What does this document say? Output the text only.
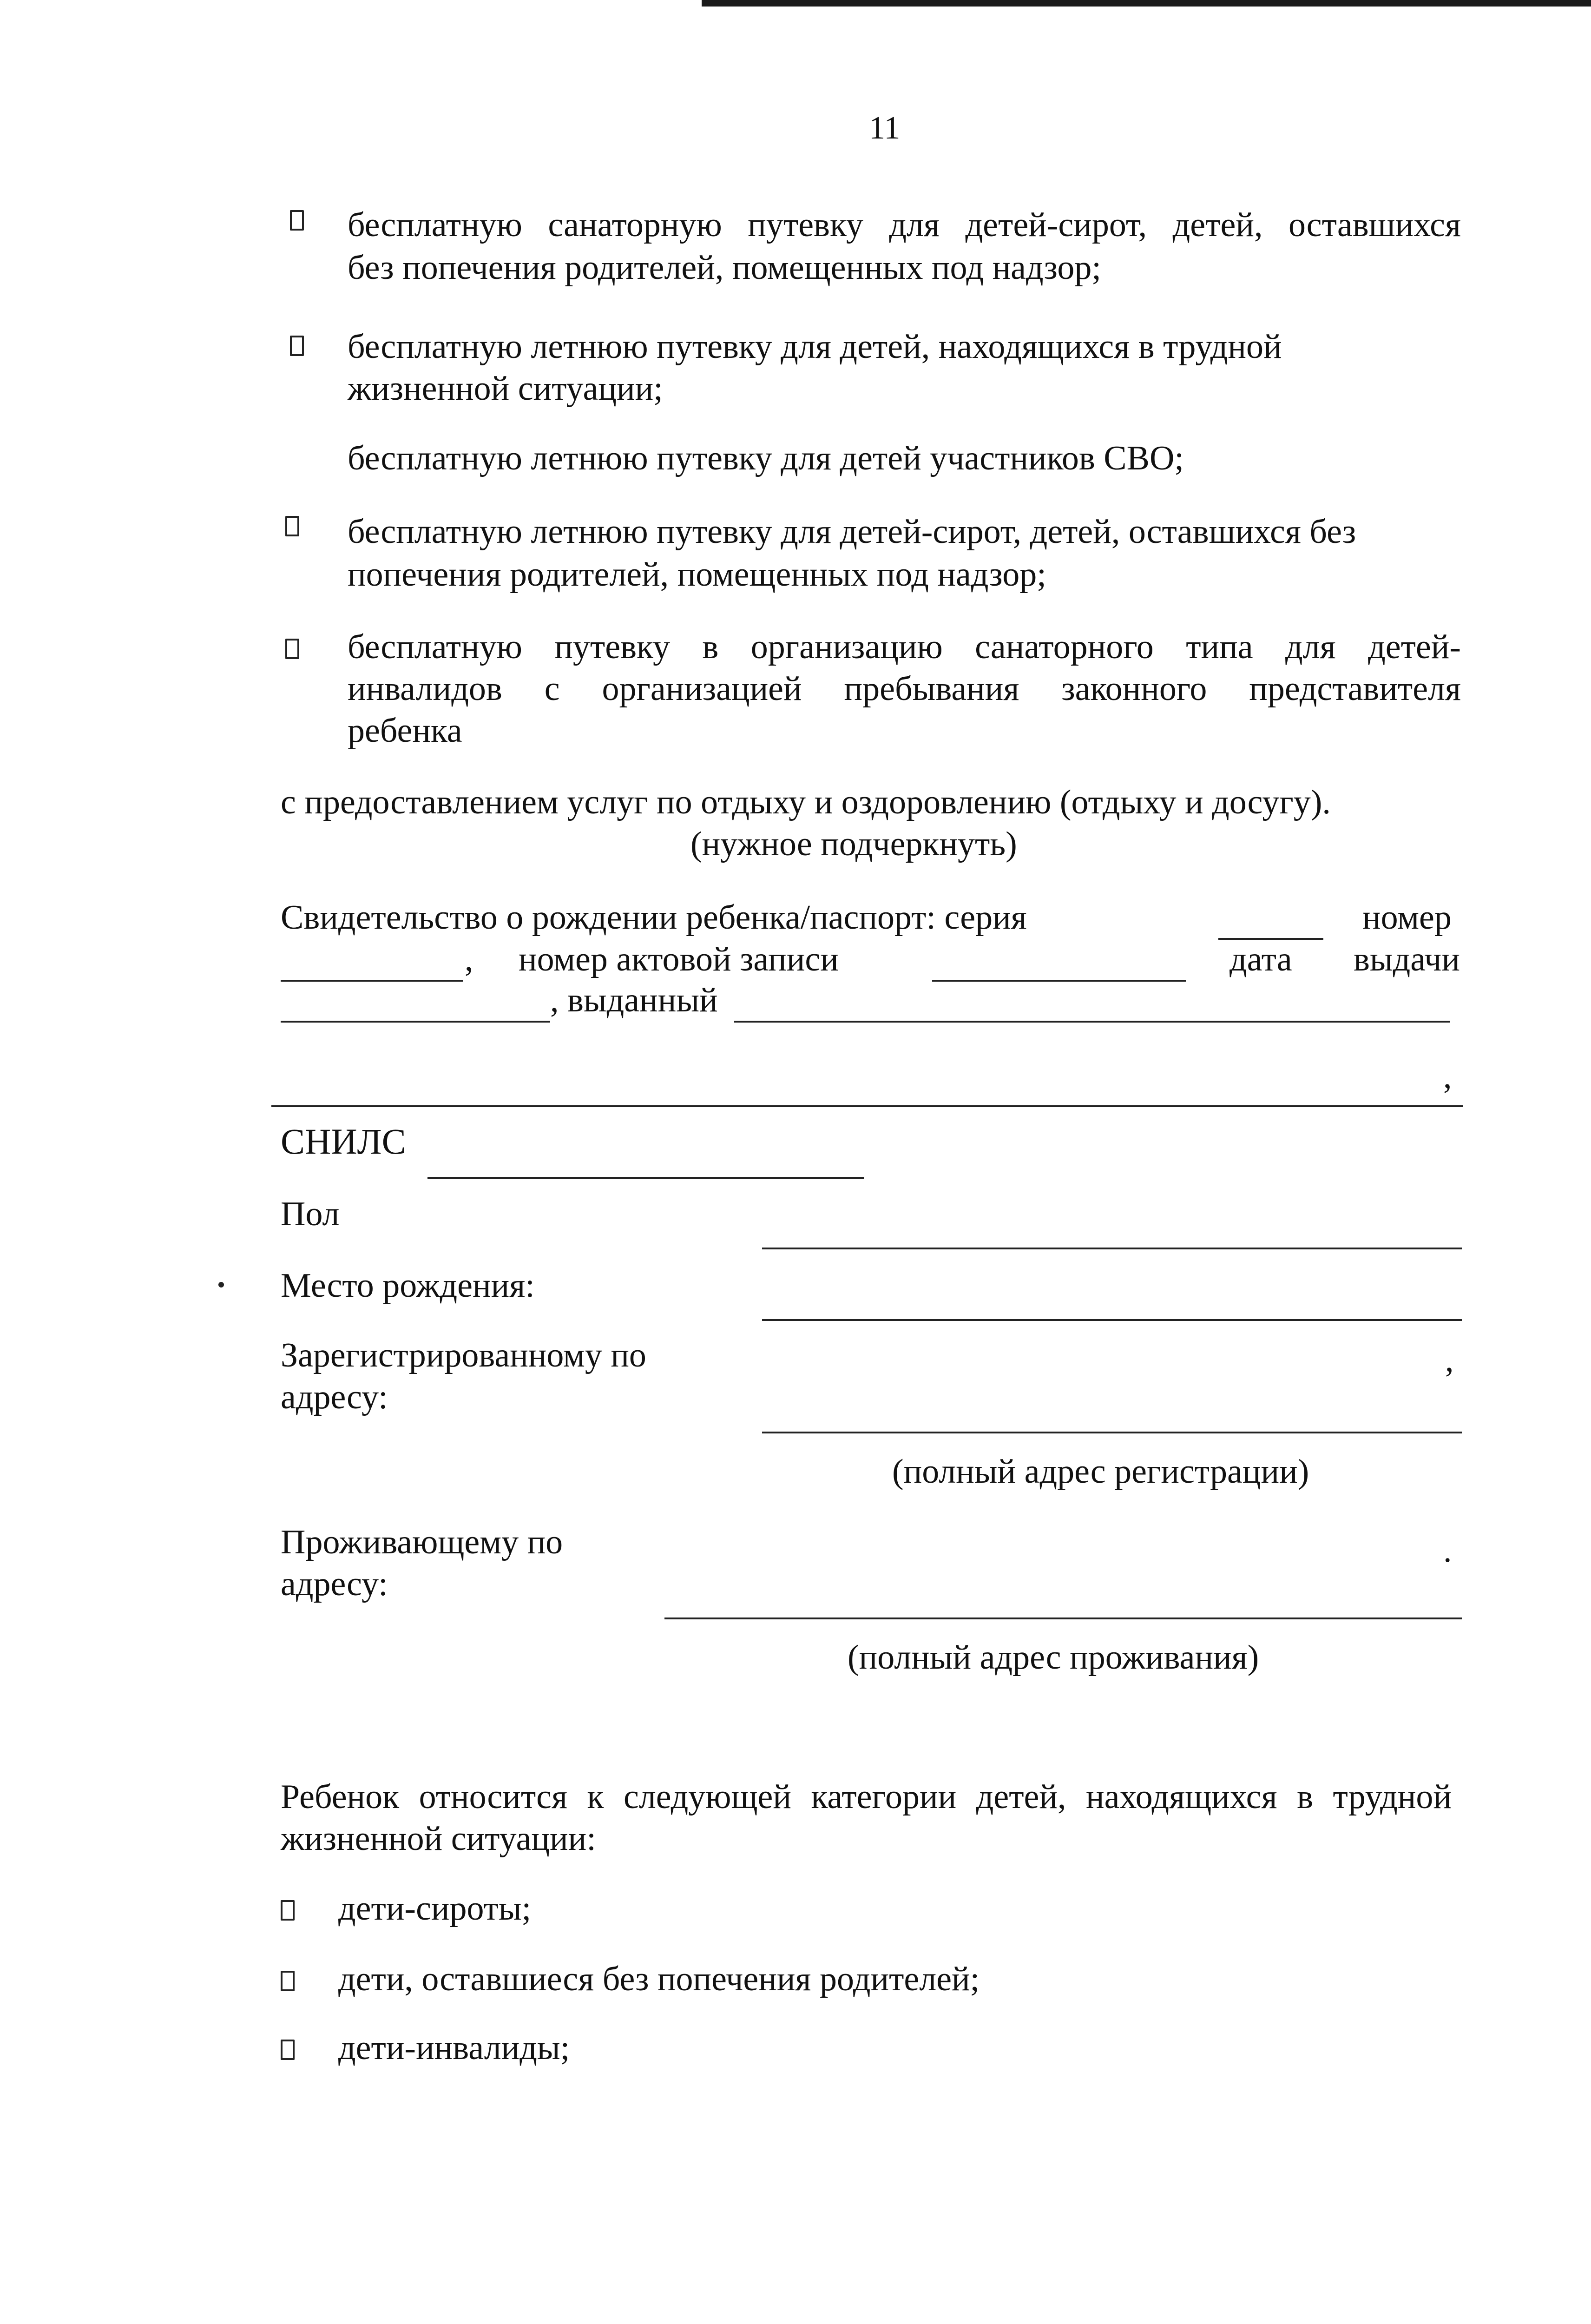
11
бесплатную санаторную путевку для детей-сирот, детей, оставшихся
без попечения родителей, помещенных под надзор;
бесплатную летнюю путевку для детей, находящихся в трудной
жизненной ситуации;
бесплатную летнюю путевку для детей участников СВО;
бесплатную летнюю путевку для детей-сирот, детей, оставшихся без
попечения родителей, помещенных под надзор;
бесплатную путевку в организацию санаторного типа для детей-
инвалидов с организацией пребывания законного представителя
ребенка
с предоставлением услуг по отдыху и оздоровлению (отдыху и досугу).
(нужное подчеркнуть)
Свидетельство о рождении ребенка/паспорт: серия	номер
, номер актовой записи	дата выдачи
, выданный
,
СНИЛС
Пол
Место рождения:
Зарегистрированному по
адресу:
,
(полный адрес регистрации)
Проживающему по
адресу:
.
(полный адрес проживания)
Ребенок относится к следующей категории детей, находящихся в трудной
жизненной ситуации:
дети-сироты;
дети, оставшиеся без попечения родителей;
дети-инвалиды;
